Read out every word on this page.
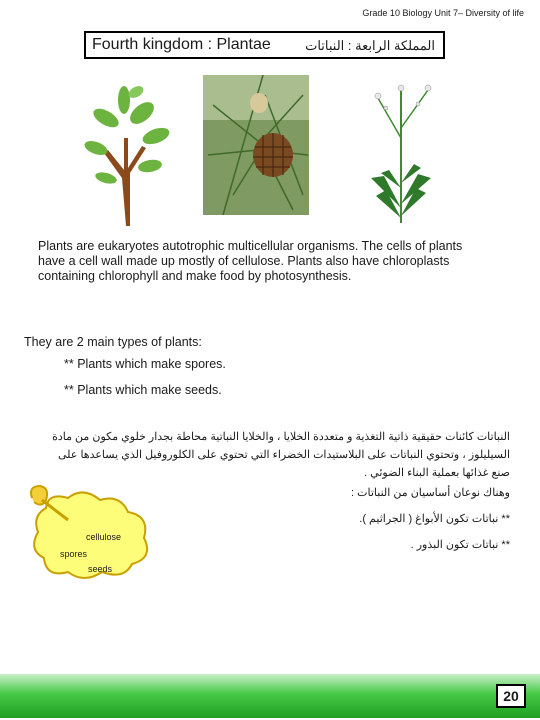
Grade 10 Biology Unit 7– Diversity of life
Fourth kingdom : Plantae	المملكة الرابعة : النباتات
Plants are eukaryotes autotrophic multicellular organisms. The cells of plants have a cell wall made up mostly of cellulose. Plants also have chloroplasts containing chlorophyll and make food by photosynthesis.
They are 2 main types of plants:
** Plants which make spores.
** Plants which make seeds.
النباتات كائنات حقيقية ذاتية التغذية و متعددة الخلايا ، والخلايا النباتية محاطة بجدار خلوي مكون من مادة السيليلوز ، وتحتوي النباتات على البلاستيدات الخضراء التي تحتوي على الكلوروفيل الذي يساعدها على صنع غذائها بعملية البناء الضوئي .
وهناك نوعان أساسيان من النباتات :
** نباتات تكون الأبواغ ( الجراثيم ).
** نباتات تكون البذور .
cellulose
spores
seeds
20
